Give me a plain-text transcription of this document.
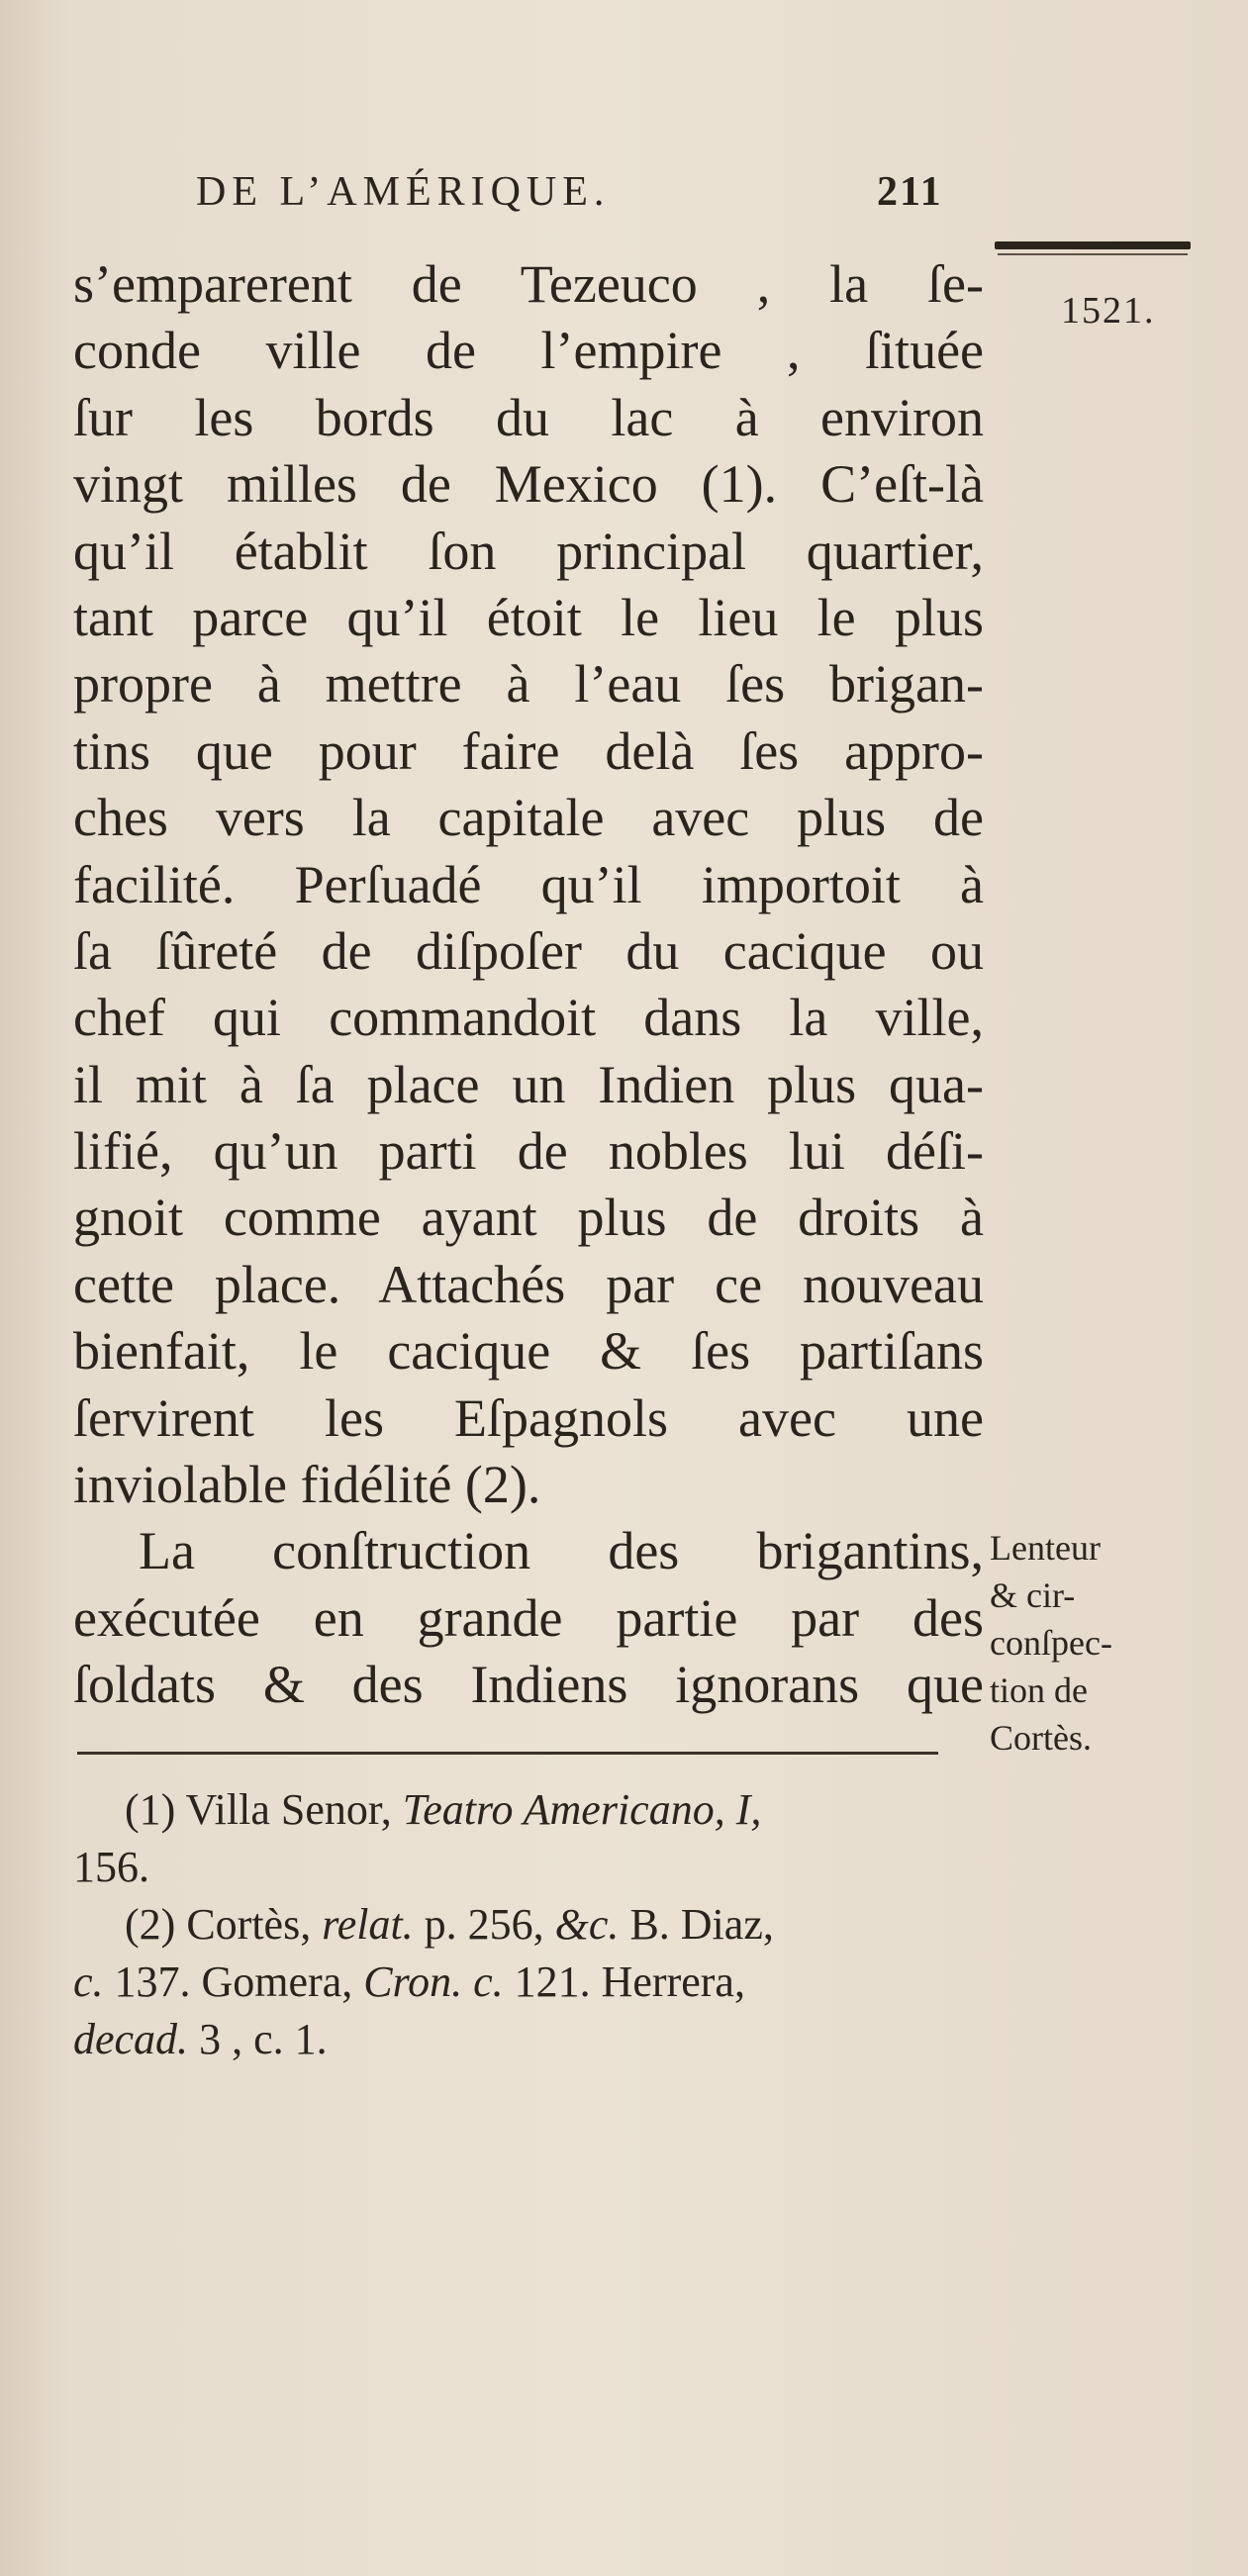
DE L’AMÉRIQUE.	211
1521.
s’emparerent de Tezeuco , la ſe-
conde ville de l’empire , ſituée
ſur les bords du lac à environ
vingt milles de Mexico (1). C’eſt-là
qu’il établit ſon principal quartier,
tant parce qu’il étoit le lieu le plus
propre à mettre à l’eau ſes brigan-
tins que pour faire delà ſes appro-
ches vers la capitale avec plus de
facilité. Perſuadé qu’il importoit à
ſa ſûreté de diſpoſer du cacique ou
chef qui commandoit dans la ville,
il mit à ſa place un Indien plus qua-
lifié, qu’un parti de nobles lui déſi-
gnoit comme ayant plus de droits à
cette place. Attachés par ce nouveau
bienfait, le cacique & ſes partiſans
ſervirent les Eſpagnols avec une
inviolable fidélité (2).
La conſtruction des brigantins,
exécutée en grande partie par des
ſoldats & des Indiens ignorans que
Lenteur
& cir-
conſpec-
tion de
Cortès.
(1) Villa Senor, Teatro Americano, I,
156.
(2) Cortès, relat. p. 256, &c. B. Diaz,
c. 137. Gomera, Cron. c. 121. Herrera,
decad. 3 , c. 1.
